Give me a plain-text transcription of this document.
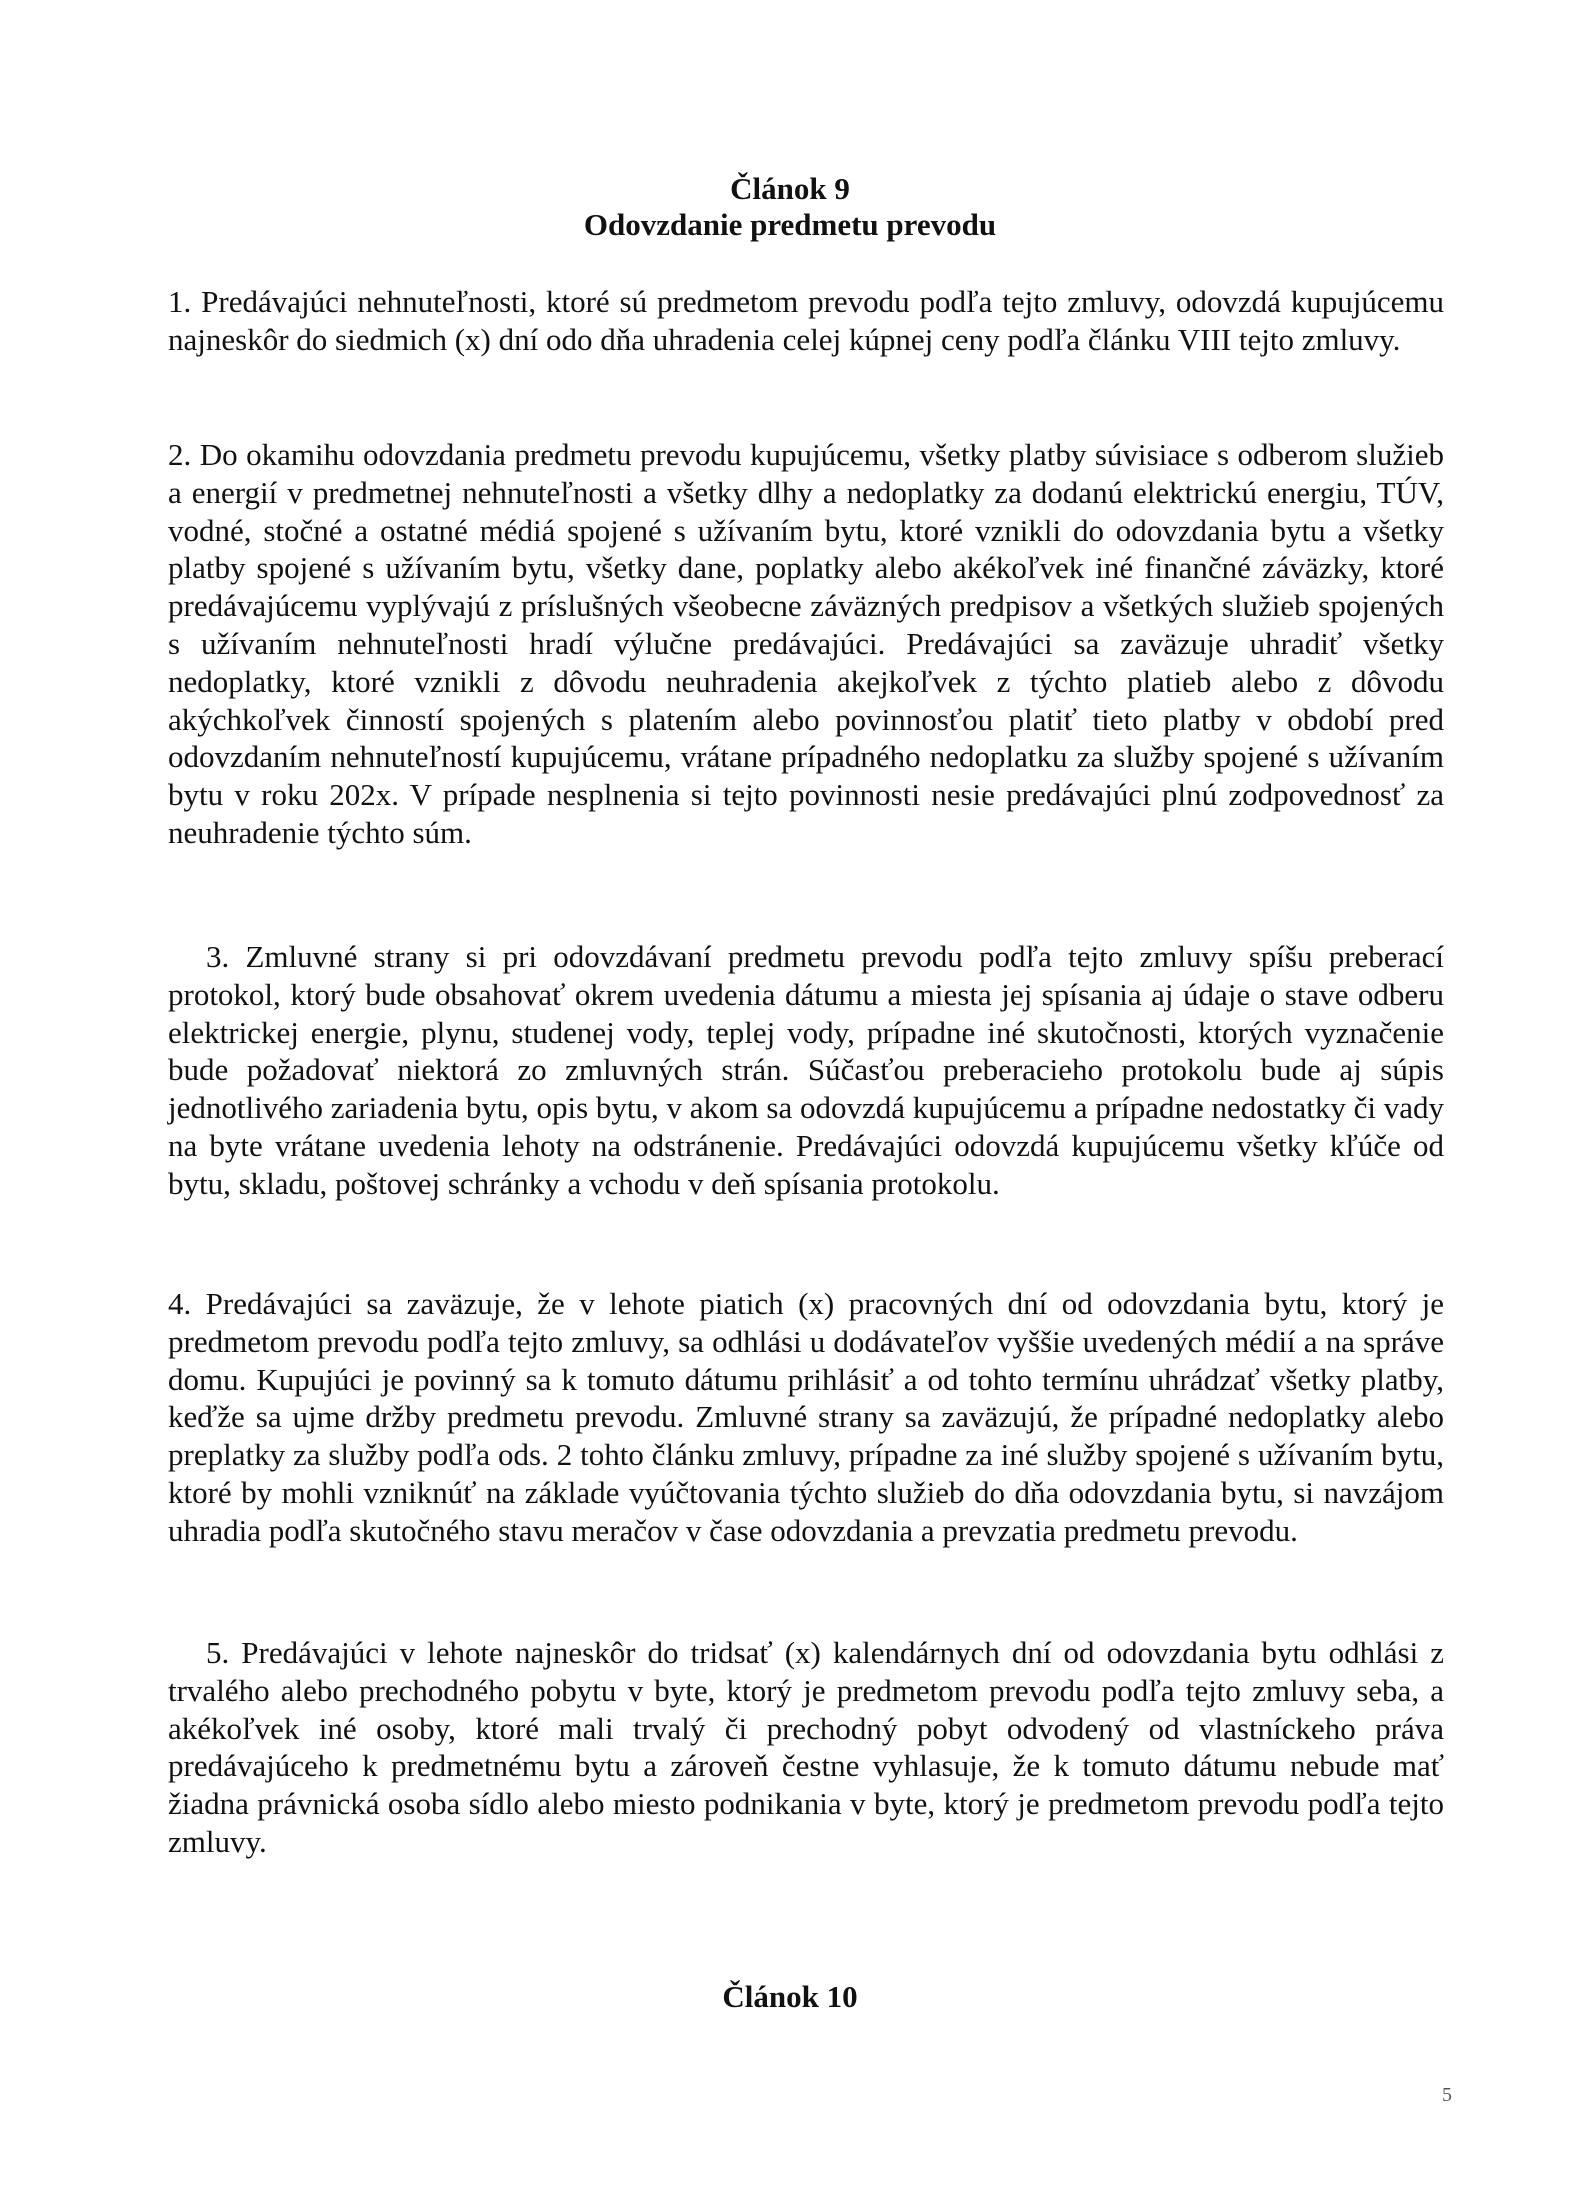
Článok 9
Odovzdanie predmetu prevodu

1. Predávajúci nehnuteľnosti, ktoré sú predmetom prevodu podľa tejto zmluvy, odovzdá kupujúcemu najneskôr do siedmich (x) dní odo dňa uhradenia celej kúpnej ceny podľa článku VIII tejto zmluvy.

2. Do okamihu odovzdania predmetu prevodu kupujúcemu, všetky platby súvisiace s odberom služieb a energií v predmetnej nehnuteľnosti a všetky dlhy a nedoplatky za dodanú elektrickú energiu, TÚV, vodné, stočné a ostatné médiá spojené s užívaním bytu, ktoré vznikli do odovzdania bytu a všetky platby spojené s užívaním bytu, všetky dane, poplatky alebo akékoľvek iné finančné záväzky, ktoré predávajúcemu vyplývajú z príslušných všeobecne záväzných predpisov a všetkých služieb spojených s užívaním nehnuteľnosti hradí výlučne predávajúci. Predávajúci sa zaväzuje uhradiť všetky nedoplatky, ktoré vznikli z dôvodu neuhradenia akejkoľvek z týchto platieb alebo z dôvodu akýchkoľvek činností spojených s platením alebo povinnosťou platiť tieto platby v období pred odovzdaním nehnuteľností kupujúcemu, vrátane prípadného nedoplatku za služby spojené s užívaním bytu v roku 202x. V prípade nesplnenia si tejto povinnosti nesie predávajúci plnú zodpovednosť za neuhradenie týchto súm.

3. Zmluvné strany si pri odovzdávaní predmetu prevodu podľa tejto zmluvy spíšu preberací protokol, ktorý bude obsahovať okrem uvedenia dátumu a miesta jej spísania aj údaje o stave odberu elektrickej energie, plynu, studenej vody, teplej vody, prípadne iné skutočnosti, ktorých vyznačenie bude požadovať niektorá zo zmluvných strán. Súčasťou preberacieho protokolu bude aj súpis jednotlivého zariadenia bytu, opis bytu, v akom sa odovzdá kupujúcemu a prípadne nedostatky či vady na byte vrátane uvedenia lehoty na odstránenie. Predávajúci odovzdá kupujúcemu všetky kľúče od bytu, skladu, poštovej schránky a vchodu v deň spísania protokolu.

4. Predávajúci sa zaväzuje, že v lehote piatich (x) pracovných dní od odovzdania bytu, ktorý je predmetom prevodu podľa tejto zmluvy, sa odhlási u dodávateľov vyššie uvedených médií a na správe domu. Kupujúci je povinný sa k tomuto dátumu prihlásiť a od tohto termínu uhrádzať všetky platby, keďže sa ujme držby predmetu prevodu. Zmluvné strany sa zaväzujú, že prípadné nedoplatky alebo preplatky za služby podľa ods. 2 tohto článku zmluvy, prípadne za iné služby spojené s užívaním bytu, ktoré by mohli vzniknúť na základe vyúčtovania týchto služieb do dňa odovzdania bytu, si navzájom uhradia podľa skutočného stavu meračov v čase odovzdania a prevzatia predmetu prevodu.

5. Predávajúci v lehote najneskôr do tridsať (x) kalendárnych dní od odovzdania bytu odhlási z trvalého alebo prechodného pobytu v byte, ktorý je predmetom prevodu podľa tejto zmluvy seba, a akékoľvek iné osoby, ktoré mali trvalý či prechodný pobyt odvodený od vlastníckeho práva predávajúceho k predmetnému bytu a zároveň čestne vyhlasuje, že k tomuto dátumu nebude mať žiadna právnická osoba sídlo alebo miesto podnikania v byte, ktorý je predmetom prevodu podľa tejto zmluvy.

Článok 10
5
